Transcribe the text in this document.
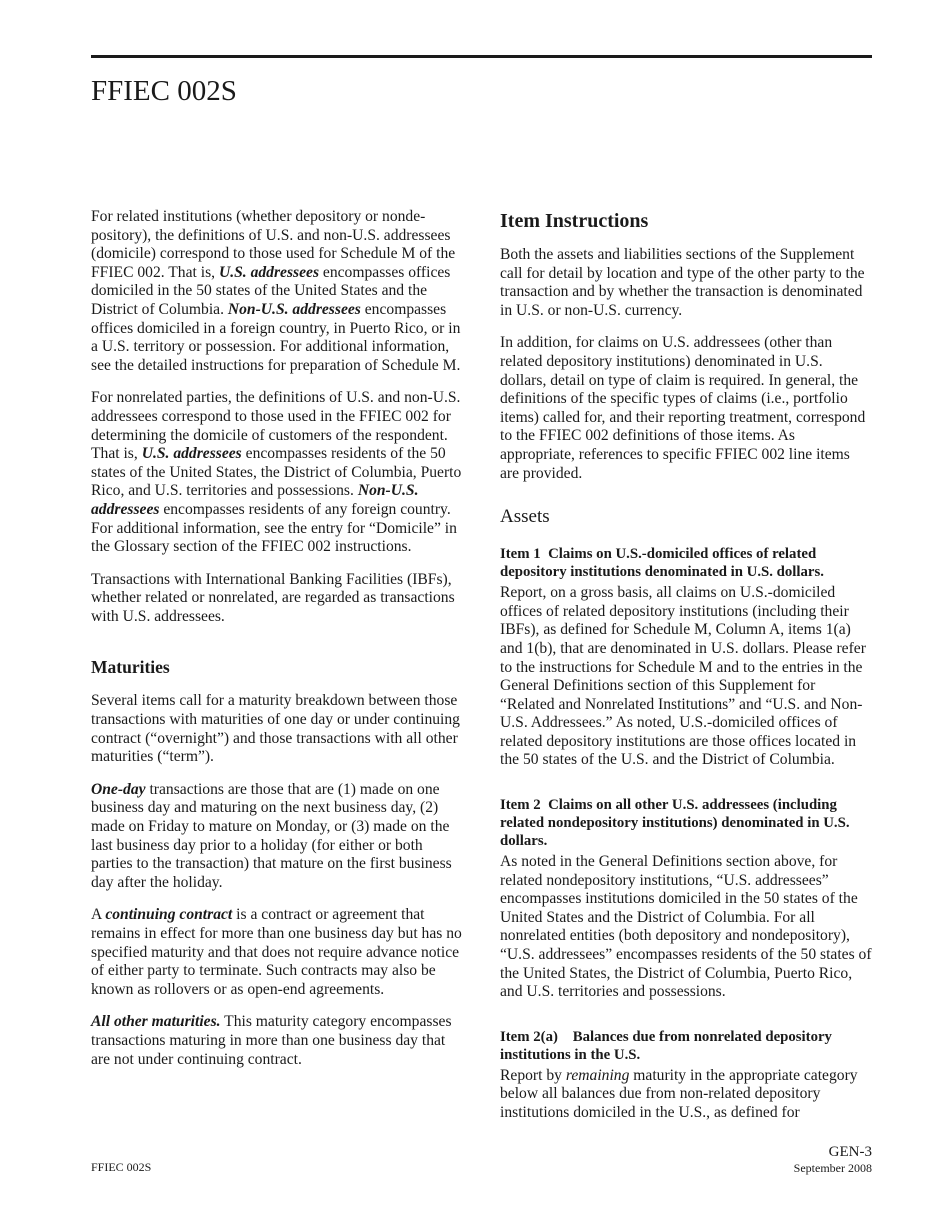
FFIEC 002S

For related institutions (whether depository or nondepository), the definitions of U.S. and non-U.S. addressees (domicile) correspond to those used for Schedule M of the FFIEC 002. That is, U.S. addressees encompasses offices domiciled in the 50 states of the United States and the District of Columbia. Non-U.S. addressees encompasses offices domiciled in a foreign country, in Puerto Rico, or in a U.S. territory or possession. For additional information, see the detailed instructions for preparation of Schedule M.

For nonrelated parties, the definitions of U.S. and non-U.S. addressees correspond to those used in the FFIEC 002 for determining the domicile of customers of the respondent. That is, U.S. addressees encompasses residents of the 50 states of the United States, the District of Columbia, Puerto Rico, and U.S. territories and possessions. Non-U.S. addressees encompasses residents of any foreign country. For additional information, see the entry for “Domicile” in the Glossary section of the FFIEC 002 instructions.

Transactions with International Banking Facilities (IBFs), whether related or nonrelated, are regarded as transactions with U.S. addressees.

Maturities

Several items call for a maturity breakdown between those transactions with maturities of one day or under continuing contract (“overnight”) and those transactions with all other maturities (“term”).

One-day transactions are those that are (1) made on one business day and maturing on the next business day, (2) made on Friday to mature on Monday, or (3) made on the last business day prior to a holiday (for either or both parties to the transaction) that mature on the first business day after the holiday.

A continuing contract is a contract or agreement that remains in effect for more than one business day but has no specified maturity and that does not require advance notice of either party to terminate. Such contracts may also be known as rollovers or as open-end agreements.

All other maturities. This maturity category encompasses transactions maturing in more than one business day that are not under continuing contract.

Item Instructions

Both the assets and liabilities sections of the Supplement call for detail by location and type of the other party to the transaction and by whether the transaction is denominated in U.S. or non-U.S. currency.

In addition, for claims on U.S. addressees (other than related depository institutions) denominated in U.S. dollars, detail on type of claim is required. In general, the definitions of the specific types of claims (i.e., portfolio items) called for, and their reporting treatment, correspond to the FFIEC 002 definitions of those items. As appropriate, references to specific FFIEC 002 line items are provided.

Assets
Item 1 Claims on U.S.-domiciled offices of related depository institutions denominated in U.S. dollars.

Report, on a gross basis, all claims on U.S.-domiciled offices of related depository institutions (including their IBFs), as defined for Schedule M, Column A, items 1(a) and 1(b), that are denominated in U.S. dollars. Please refer to the instructions for Schedule M and to the entries in the General Definitions section of this Supplement for “Related and Nonrelated Institutions” and “U.S. and Non-U.S. Addressees.” As noted, U.S.-domiciled offices of related depository institutions are those offices located in the 50 states of the U.S. and the District of Columbia.

Item 2 Claims on all other U.S. addressees (including related nondepository institutions) denominated in U.S. dollars.

As noted in the General Definitions section above, for related nondepository institutions, “U.S. addressees” encompasses institutions domiciled in the 50 states of the United States and the District of Columbia. For all nonrelated entities (both depository and nondepository), “U.S. addressees” encompasses residents of the 50 states of the United States, the District of Columbia, Puerto Rico, and U.S. territories and possessions.

Item 2(a) Balances due from nonrelated depository institutions in the U.S.

Report by remaining maturity in the appropriate category below all balances due from non-related depository institutions domiciled in the U.S., as defined for

FFIEC 002S
GEN-3
September 2008
